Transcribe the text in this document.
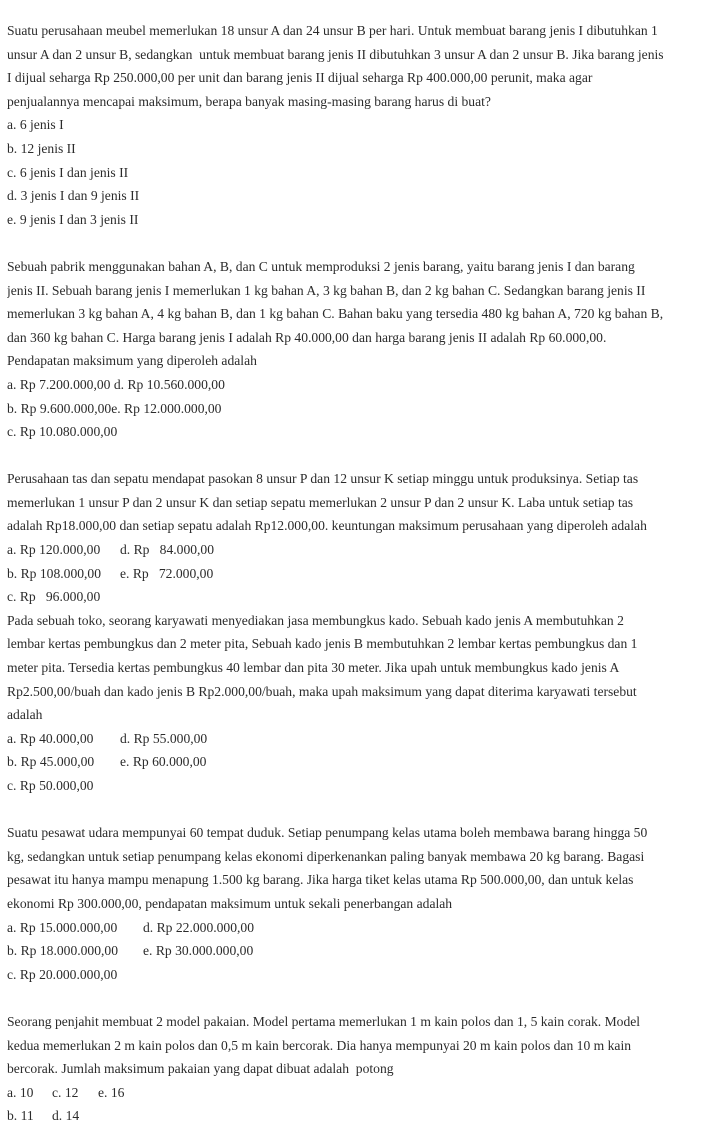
Suatu perusahaan meubel memerlukan 18 unsur A dan 24 unsur B per hari. Untuk membuat barang jenis I dibutuhkan 1
unsur A dan 2 unsur B, sedangkan  untuk membuat barang jenis II dibutuhkan 3 unsur A dan 2 unsur B. Jika barang jenis
I dijual seharga Rp 250.000,00 per unit dan barang jenis II dijual seharga Rp 400.000,00 perunit, maka agar
penjualannya mencapai maksimum, berapa banyak masing-masing barang harus di buat?
a. 6 jenis I
b. 12 jenis II
c. 6 jenis I dan jenis II
d. 3 jenis I dan 9 jenis II
e. 9 jenis I dan 3 jenis II
Sebuah pabrik menggunakan bahan A, B, dan C untuk memproduksi 2 jenis barang, yaitu barang jenis I dan barang
jenis II. Sebuah barang jenis I memerlukan 1 kg bahan A, 3 kg bahan B, dan 2 kg bahan C. Sedangkan barang jenis II
memerlukan 3 kg bahan A, 4 kg bahan B, dan 1 kg bahan C. Bahan baku yang tersedia 480 kg bahan A, 720 kg bahan B,
dan 360 kg bahan C. Harga barang jenis I adalah Rp 40.000,00 dan harga barang jenis II adalah Rp 60.000,00.
Pendapatan maksimum yang diperoleh adalah
a. Rp 7.200.000,00 d. Rp 10.560.000,00
b. Rp 9.600.000,00e. Rp 12.000.000,00
c. Rp 10.080.000,00
Perusahaan tas dan sepatu mendapat pasokan 8 unsur P dan 12 unsur K setiap minggu untuk produksinya. Setiap tas
memerlukan 1 unsur P dan 2 unsur K dan setiap sepatu memerlukan 2 unsur P dan 2 unsur K. Laba untuk setiap tas
adalah Rp18.000,00 dan setiap sepatu adalah Rp12.000,00. keuntungan maksimum perusahaan yang diperoleh adalah
a. Rp 120.000,00	d. Rp   84.000,00
b. Rp 108.000,00	e. Rp   72.000,00
c. Rp   96.000,00
Pada sebuah toko, seorang karyawati menyediakan jasa membungkus kado. Sebuah kado jenis A membutuhkan 2
lembar kertas pembungkus dan 2 meter pita, Sebuah kado jenis B membutuhkan 2 lembar kertas pembungkus dan 1
meter pita. Tersedia kertas pembungkus 40 lembar dan pita 30 meter. Jika upah untuk membungkus kado jenis A
Rp2.500,00/buah dan kado jenis B Rp2.000,00/buah, maka upah maksimum yang dapat diterima karyawati tersebut
adalah
a. Rp 40.000,00	d. Rp 55.000,00
b. Rp 45.000,00	e. Rp 60.000,00
c. Rp 50.000,00
Suatu pesawat udara mempunyai 60 tempat duduk. Setiap penumpang kelas utama boleh membawa barang hingga 50
kg, sedangkan untuk setiap penumpang kelas ekonomi diperkenankan paling banyak membawa 20 kg barang. Bagasi
pesawat itu hanya mampu menapung 1.500 kg barang. Jika harga tiket kelas utama Rp 500.000,00, dan untuk kelas
ekonomi Rp 300.000,00, pendapatan maksimum untuk sekali penerbangan adalah
a. Rp 15.000.000,00	d. Rp 22.000.000,00
b. Rp 18.000.000,00	e. Rp 30.000.000,00
c. Rp 20.000.000,00
Seorang penjahit membuat 2 model pakaian. Model pertama memerlukan 1 m kain polos dan 1, 5 kain corak. Model
kedua memerlukan 2 m kain polos dan 0,5 m kain bercorak. Dia hanya mempunyai 20 m kain polos dan 10 m kain
bercorak. Jumlah maksimum pakaian yang dapat dibuat adalah  potong
a. 10	c. 12	e. 16
b. 11	d. 14
